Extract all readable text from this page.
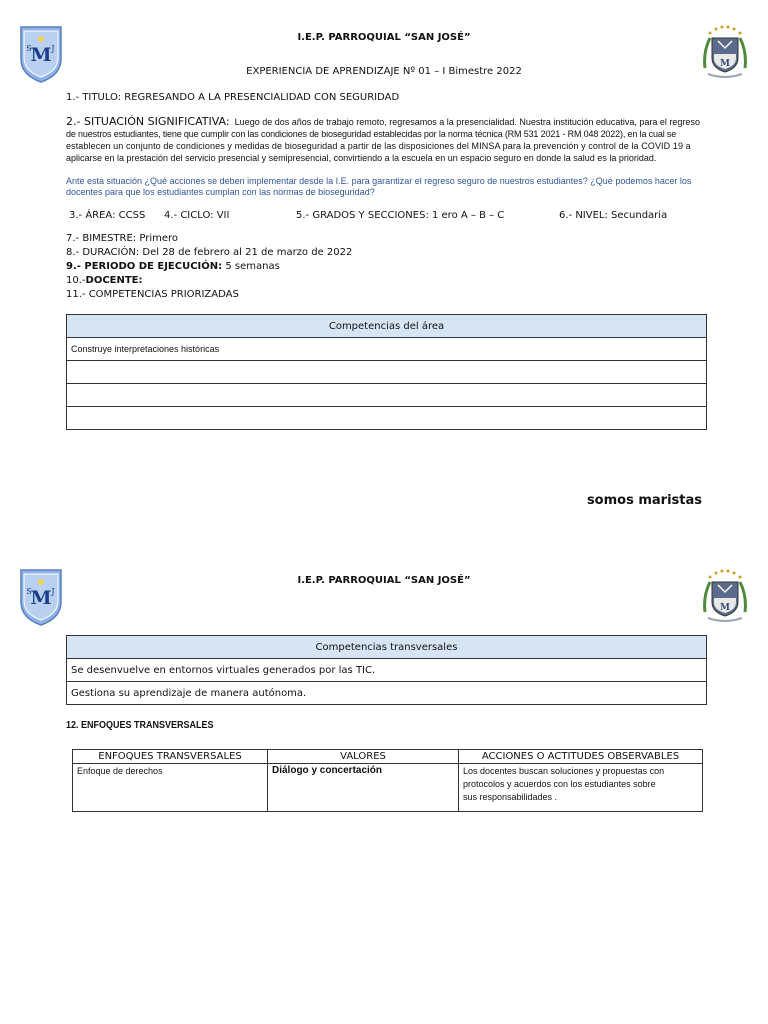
M
S J
I.E.P. PARROQUIAL “SAN JOSÉ”
M
EXPERIENCIA DE APRENDIZAJE Nº 01 – I Bimestre 2022
1.- TITULO: REGRESANDO A LA PRESENCIALIDAD CON SEGURIDAD
2.- SITUACIÓN SIGNIFICATIVA: Luego de dos años de trabajo remoto, regresamos a la presencialidad. Nuestra institución educativa, para el regreso
de nuestros estudiantes, tiene que cumplir con las condiciones de bioseguridad establecidas por la norma técnica (RM 531 2021 - RM 048 2022), en la cual se
establecen un conjunto de condiciones y medidas de bioseguridad a partir de las disposiciones del MINSA para la prevención y control de la COVID 19 a
aplicarse en la prestación del servicio presencial y semipresencial, convirtiendo a la escuela en un espacio seguro en donde la salud es la prioridad.
Ante esta situación ¿Qué acciones se deben implementar desde la I.E. para garantizar el regreso seguro de nuestros estudiantes? ¿Qué podemos hacer los
docentes para que los estudiantes cumplan con las normas de bioseguridad?
3.- ÁREA: CCSS 4.- CICLO: VII	5.- GRADOS Y SECCIONES: 1 ero A – B – C	6.- NIVEL: Secundaria
7.- BIMESTRE: Primero
8.- DURACIÓN: Del 28 de febrero al 21 de marzo de 2022
9.- PERIODO DE EJECUCIÓN: 5 semanas
10.-DOCENTE:
11.- COMPETENCIAS PRIORIZADAS
Competencias del área
Construye interpretaciones históricas

somos maristas
M
S J
I.E.P. PARROQUIAL “SAN JOSÉ”
M
Competencias transversales
Se desenvuelve en entornos virtuales generados por las TIC.
Gestiona su aprendizaje de manera autónoma.
12. ENFOQUES TRANSVERSALES
ENFOQUES TRANSVERSALES	VALORES	ACCIONES O ACTITUDES OBSERVABLES
Enfoque de derechos	Diálogo y concertación	Los docentes buscan soluciones y propuestas con
protocolos y acuerdos con los estudiantes sobre
sus responsabilidades .
